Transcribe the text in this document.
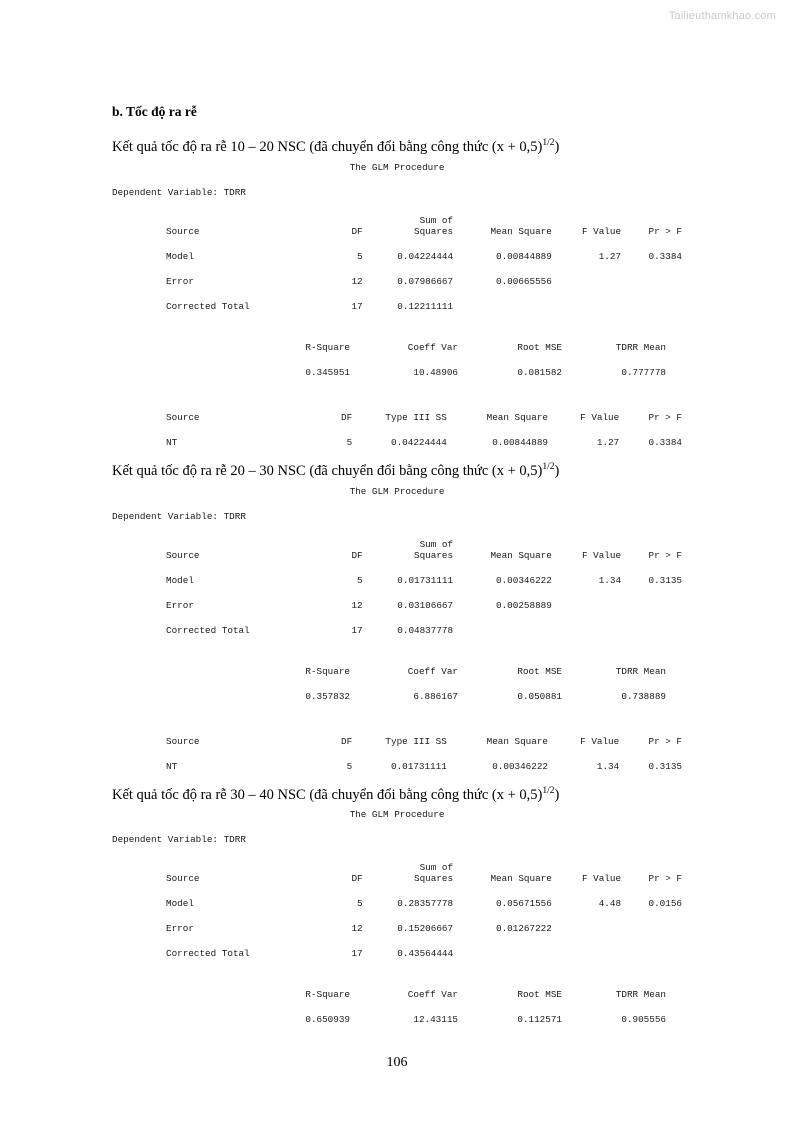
Tailieuthamkhao.com
b. Tốc độ ra rễ

Kết quả tốc độ ra rễ 10 – 20 NSC (đã chuyển đổi bằng công thức $(x + 0,5)^{1/2}$)

The GLM Procedure
Dependent Variable: TDRR
Source	DF	Sum of
Squares	Mean Square	F Value	Pr > F
Model	5	0.04224444	0.00844889	1.27	0.3384
Error	12	0.07986667	0.00665556		
Corrected Total	17	0.12211111			
R-Square	Coeff Var	Root MSE	TDRR Mean
0.345951	10.48906	0.081582	0.777778
Source	DF	Type III SS	Mean Square	F Value	Pr > F
NT	5	0.04224444	0.00844889	1.27	0.3384

Kết quả tốc độ ra rễ 20 – 30 NSC (đã chuyển đổi bằng công thức $(x + 0,5)^{1/2}$)

The GLM Procedure
Dependent Variable: TDRR
Source	DF	Sum of
Squares	Mean Square	F Value	Pr > F
Model	5	0.01731111	0.00346222	1.34	0.3135
Error	12	0.03106667	0.00258889		
Corrected Total	17	0.04837778			
R-Square	Coeff Var	Root MSE	TDRR Mean
0.357832	6.886167	0.050881	0.738889
Source	DF	Type III SS	Mean Square	F Value	Pr > F
NT	5	0.01731111	0.00346222	1.34	0.3135

Kết quả tốc độ ra rễ 30 – 40 NSC (đã chuyển đổi bằng công thức $(x + 0,5)^{1/2}$)

The GLM Procedure
Dependent Variable: TDRR
Source	DF	Sum of
Squares	Mean Square	F Value	Pr > F
Model	5	0.28357778	0.05671556	4.48	0.0156
Error	12	0.15206667	0.01267222		
Corrected Total	17	0.43564444			
R-Square	Coeff Var	Root MSE	TDRR Mean
0.650939	12.43115	0.112571	0.905556
106
